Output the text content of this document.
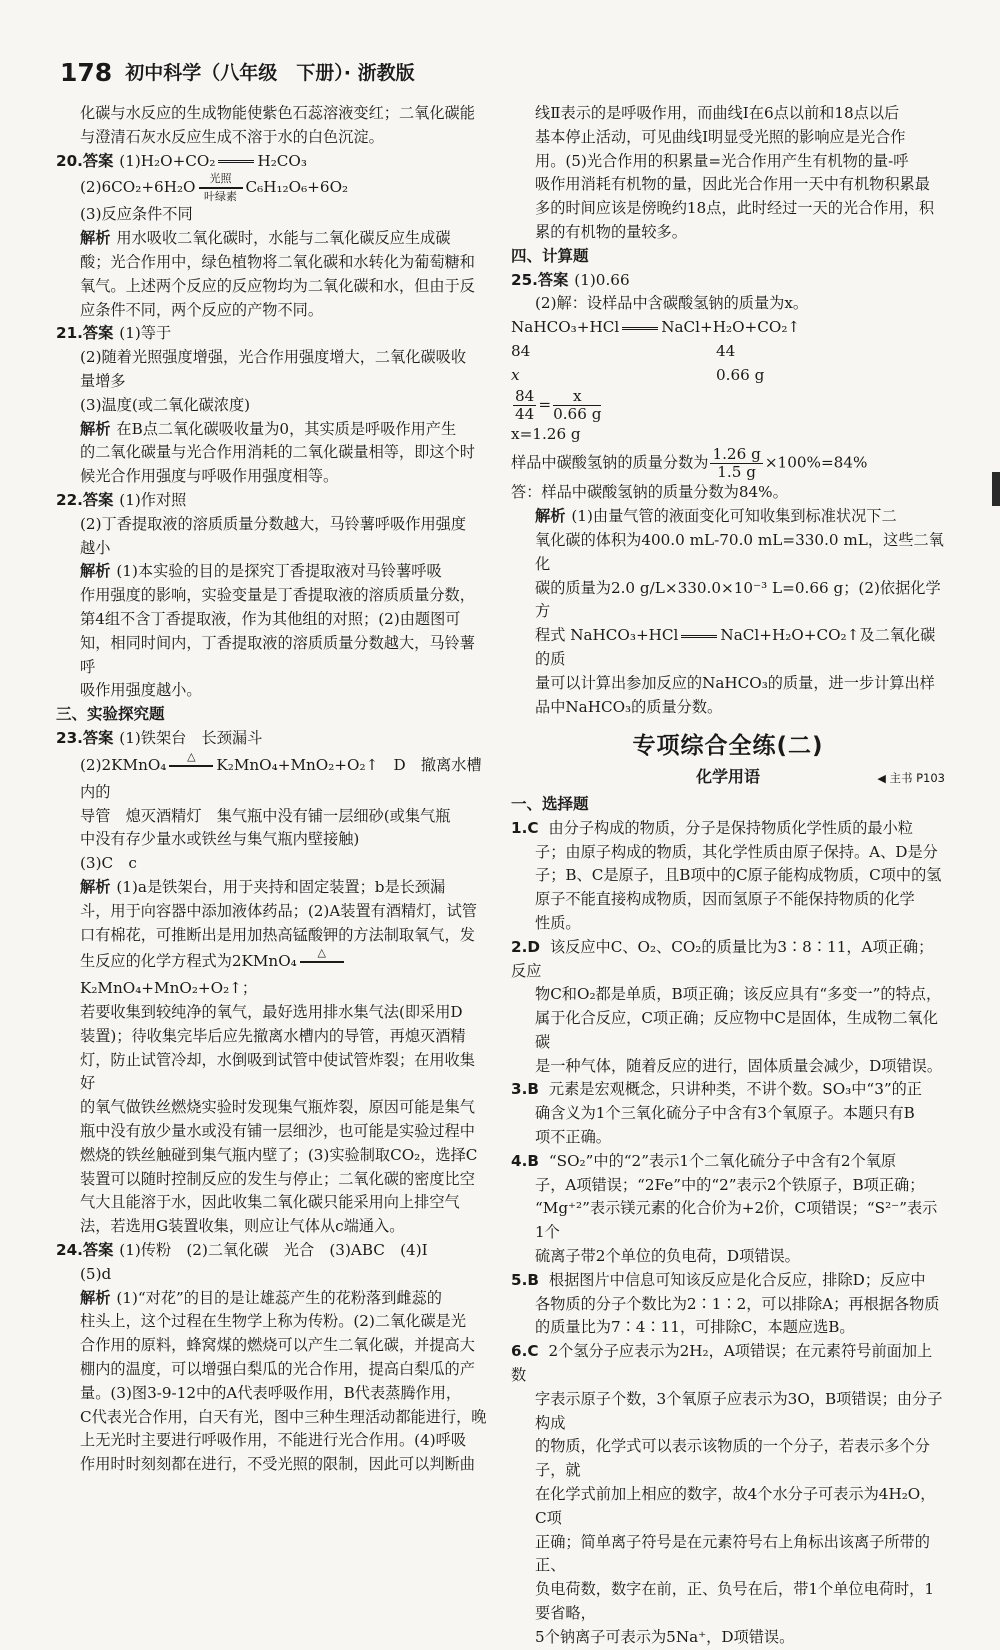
178 初中科学（八年级　下册）· 浙教版

化碳与水反应的生成物能使紫色石蕊溶液变红；二氧化碳能

与澄清石灰水反应生成不溶于水的白色沉淀。

20.答案 (1)H₂O+CO₂	H₂CO₃

(2)6CO₂+6H₂O 光照
叶绿素C₆H₁₂O₆+6O₂

(3)反应条件不同

解析 用水吸收二氧化碳时，水能与二氧化碳反应生成碳

酸；光合作用中，绿色植物将二氧化碳和水转化为葡萄糖和

氧气。上述两个反应的反应物均为二氧化碳和水，但由于反

应条件不同，两个反应的产物不同。

21.答案 (1)等于

(2)随着光照强度增强，光合作用强度增大，二氧化碳吸收

量增多

(3)温度(或二氧化碳浓度)

解析 在B点二氧化碳吸收量为0，其实质是呼吸作用产生

的二氧化碳量与光合作用消耗的二氧化碳量相等，即这个时

候光合作用强度与呼吸作用强度相等。

22.答案 (1)作对照

(2)丁香提取液的溶质质量分数越大，马铃薯呼吸作用强度

越小

解析 (1)本实验的目的是探究丁香提取液对马铃薯呼吸

作用强度的影响，实验变量是丁香提取液的溶质质量分数，

第4组不含丁香提取液，作为其他组的对照；(2)由题图可

知，相同时间内，丁香提取液的溶质质量分数越大，马铃薯呼

吸作用强度越小。

三、实验探究题

23.答案 (1)铁架台　长颈漏斗

(2)2KMnO₄ △ K₂MnO₄+MnO₂+O₂↑　D　撤离水槽内的

导管　熄灭酒精灯　集气瓶中没有铺一层细砂(或集气瓶

中没有存少量水或铁丝与集气瓶内壁接触)

(3)C　c

解析 (1)a是铁架台，用于夹持和固定装置；b是长颈漏

斗，用于向容器中添加液体药品；(2)A装置有酒精灯，试管

口有棉花，可推断出是用加热高锰酸钾的方法制取氧气，发

生反应的化学方程式为2KMnO₄ △
K₂MnO₄+MnO₂+O₂↑；

若要收集到较纯净的氧气，最好选用排水集气法(即采用D

装置)；待收集完毕后应先撤离水槽内的导管，再熄灭酒精

灯，防止试管冷却，水倒吸到试管中使试管炸裂；在用收集好

的氧气做铁丝燃烧实验时发现集气瓶炸裂，原因可能是集气

瓶中没有放少量水或没有铺一层细沙，也可能是实验过程中

燃烧的铁丝触碰到集气瓶内壁了；(3)实验制取CO₂，选择C

装置可以随时控制反应的发生与停止；二氧化碳的密度比空

气大且能溶于水，因此收集二氧化碳只能采用向上排空气

法，若选用G装置收集，则应让气体从c端通入。

24.答案 (1)传粉　(2)二氧化碳　光合　(3)ABC　(4)Ⅰ

(5)d

解析 (1)“对花”的目的是让雄蕊产生的花粉落到雌蕊的

柱头上，这个过程在生物学上称为传粉。(2)二氧化碳是光

合作用的原料，蜂窝煤的燃烧可以产生二氧化碳，并提高大

棚内的温度，可以增强白梨瓜的光合作用，提高白梨瓜的产

量。(3)图3-9-12中的A代表呼吸作用，B代表蒸腾作用，

C代表光合作用，白天有光，图中三种生理活动都能进行，晚

上无光时主要进行呼吸作用，不能进行光合作用。(4)呼吸

作用时时刻刻都在进行，不受光照的限制，因此可以判断曲

线Ⅱ表示的是呼吸作用，而曲线Ⅰ在6点以前和18点以后

基本停止活动，可见曲线Ⅰ明显受光照的影响应是光合作

用。(5)光合作用的积累量=光合作用产生有机物的量-呼

吸作用消耗有机物的量，因此光合作用一天中有机物积累最

多的时间应该是傍晚约18点，此时经过一天的光合作用，积

累的有机物的量较多。

四、计算题

25.答案 (1)0.66

(2)解：设样品中含碳酸氢钠的质量为x。

NaHCO₃+HCl	NaCl+H₂O+CO₂↑

84	44

x	0.66 g

$\frac{84}{44} = \frac{x}{0.66 g}$

x=1.26 g

样品中碳酸氢钠的质量分数为 $\frac{1.26 g}{1.5 g} \times 100\%=84\%$

答：样品中碳酸氢钠的质量分数为84%。

解析 (1)由量气管的液面变化可知收集到标准状况下二

氧化碳的体积为400.0 mL-70.0 mL=330.0 mL，这些二氧化

碳的质量为2.0 g/L×330.0×10⁻³ L=0.66 g；(2)依据化学方

程式 NaHCO₃+HCl	NaCl+H₂O+CO₂↑及二氧化碳的质

量可以计算出参加反应的NaHCO₃的质量，进一步计算出样

品中NaHCO₃的质量分数。

专项综合全练(二)
化学用语	◀ 主书 P103

一、选择题

1.C 由分子构成的物质，分子是保持物质化学性质的最小粒

子；由原子构成的物质，其化学性质由原子保持。A、D是分

子；B、C是原子，且B项中的C原子能构成物质，C项中的氢

原子不能直接构成物质，因而氢原子不能保持物质的化学

性质。

2.D 该反应中C、O₂、CO₂的质量比为3∶8∶11，A项正确；反应

物C和O₂都是单质，B项正确；该反应具有“多变一”的特点，

属于化合反应，C项正确；反应物中C是固体，生成物二氧化碳

是一种气体，随着反应的进行，固体质量会减少，D项错误。

3.B 元素是宏观概念，只讲种类，不讲个数。SO₃中“3”的正

确含义为1个三氧化硫分子中含有3个氧原子。本题只有B

项不正确。

4.B “SO₂”中的“2”表示1个二氧化硫分子中含有2个氧原

子，A项错误；“2Fe”中的“2”表示2个铁原子，B项正确；

“Mg⁺²”表示镁元素的化合价为+2价，C项错误；“S²⁻”表示1个

硫离子带2个单位的负电荷，D项错误。

5.B 根据图片中信息可知该反应是化合反应，排除D；反应中

各物质的分子个数比为2∶1∶2，可以排除A；再根据各物质

的质量比为7∶4∶11，可排除C，本题应选B。

6.C 2个氢分子应表示为2H₂，A项错误；在元素符号前面加上数

字表示原子个数，3个氧原子应表示为3O，B项错误；由分子构成

的物质，化学式可以表示该物质的一个分子，若表示多个分子，就

在化学式前加上相应的数字，故4个水分子可表示为4H₂O，C项

正确；简单离子符号是在元素符号右上角标出该离子所带的正、

负电荷数，数字在前，正、负号在后，带1个单位电荷时，1要省略，

5个钠离子可表示为5Na⁺，D项错误。
